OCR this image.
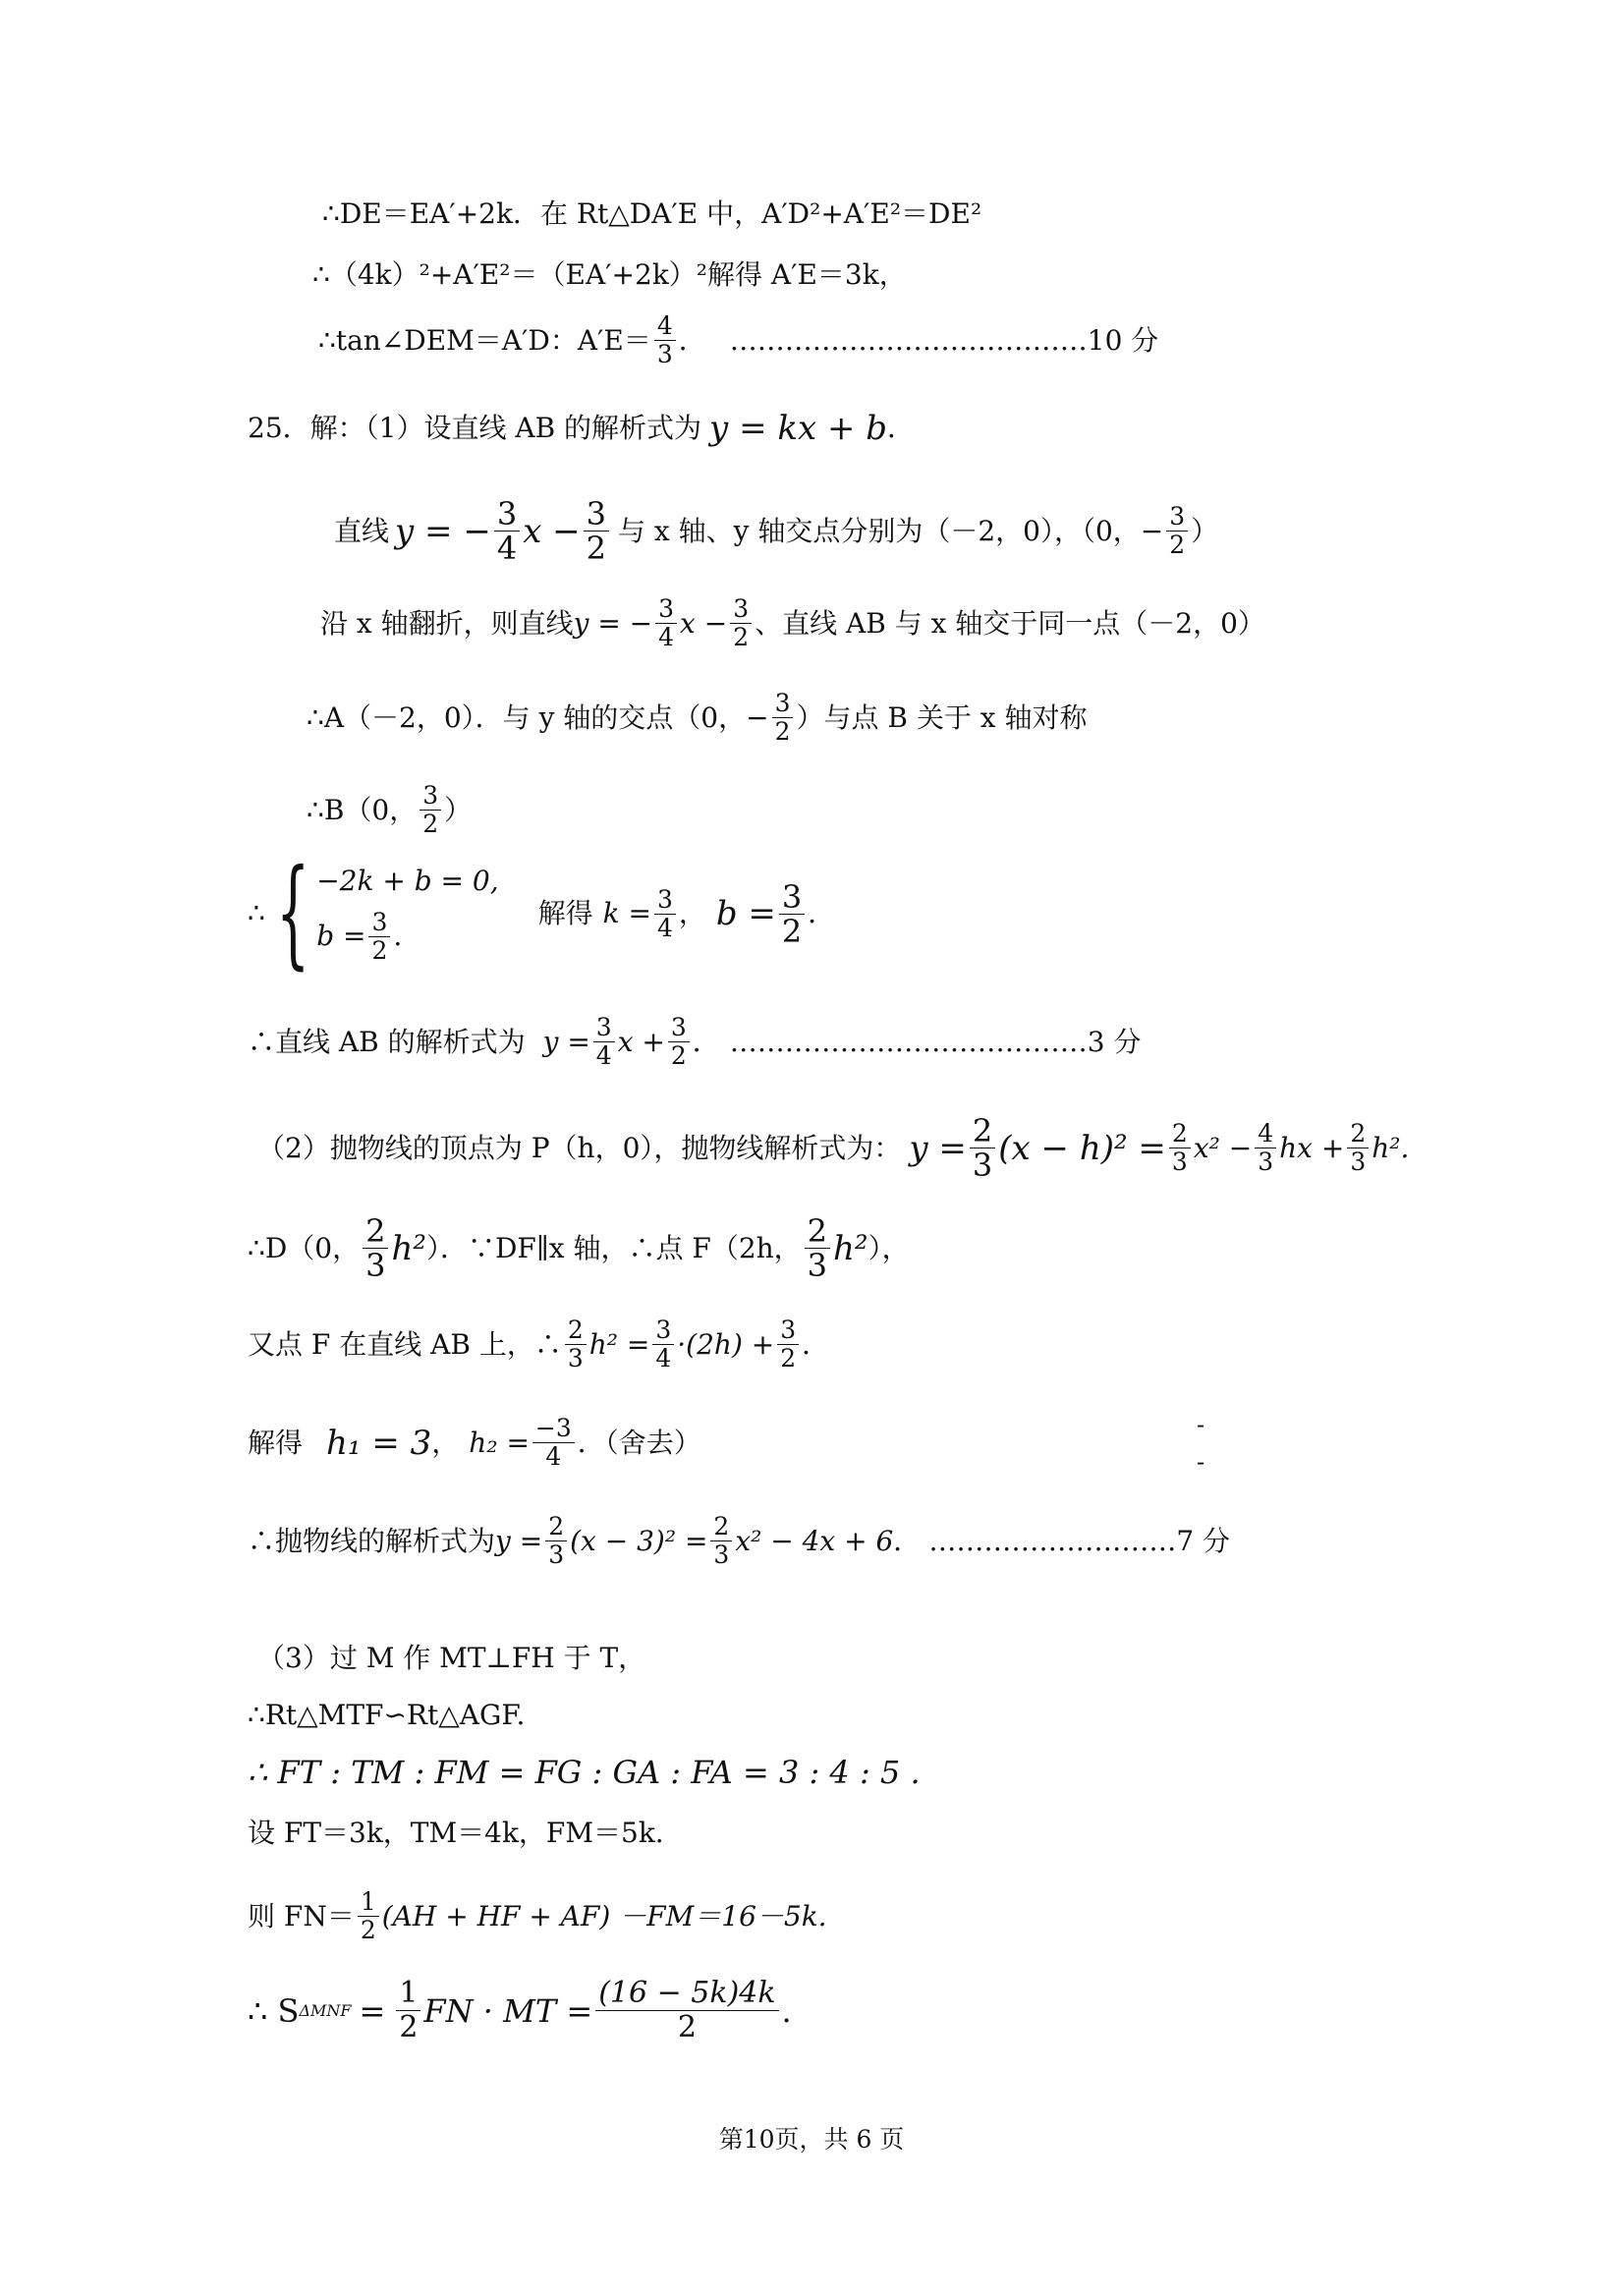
∴DE＝EA′+2k．在 Rt△DA′E 中，A′D²+A′E²＝DE²
∴（4k）²+A′E²＝（EA′+2k）²解得 A′E＝3k，
∴tan∠DEM＝A′D：$A'E= \frac{4}{3}$ ． …………………………………10 分
25．解：（1）设直线 AB 的解析式为 y = kx + b ．
直线 y = − $\frac{3}{4}$ $x - \frac{3}{2}$ 与 x 轴、y 轴交点分别为（－2，0），（0， − $\frac{3}{2}$ ）
沿 x 轴翻折，则直线 y = − $\frac{3}{4}$ $x - \frac{3}{2}$ 、直线 AB 与 x 轴交于同一点（－2，0）
∴A（－2，0）．与 y 轴的交点（0， − $\frac{3}{2}$ ）与点 B 关于 x 轴对称
∴B（0， $\frac{3}{2}$ ）
∴ { −2k + b = 0,
$b = \frac{3}{2}$ .
解得 $k = \frac{3}{4}$ ， $b = \frac{3}{2}$ ．
∴直线 AB 的解析式为 $y = \frac{3}{4}$ $x + \frac{3}{2}$ ． …………………………………3 分
（2）抛物线的顶点为 P（h，0），抛物线解析式为： $y = \frac{2}{3} (x - h)^2 = \frac{2}{3} x^2 - \frac{4}{3}$ hx + $\frac{2}{3} h^2$.
∴D（0， $\frac{2}{3} h^2$ ）．∵DF∥x 轴，∴点 F（2h， $\frac{2}{3} h^2$ ），
又点 F 在直线 AB 上，∴ $\frac{2}{3} h^2 = \frac{3}{4} \cdot(2h) + \frac{3}{2}$ ．
解得 h₁ = 3 ， $h_2 = \frac{-3}{4}$ ．（舍去）
-
-
∴抛物线的解析式为 $y = \frac{2}{3} (x - 3)^2 = \frac{2}{3} x^2 - 4x + 6$ ． ………………………7 分
（3）过 M 作 MT⊥FH 于 T，
∴Rt△MTF∽Rt△AGF.
∴ FT : TM : FM = FG : GA : FA = 3 : 4 : 5 .
设 FT＝3k，TM＝4k，FM＝5k.
则 $FN= \frac{1}{2} (AH$ + HF + AF) －FM＝16－5k.
∴ S $\Delta MNF = \frac{1}{2}$ FN · MT = $\frac{(16 - 5k)4k}{2}$ .
第10页，共 6 页
